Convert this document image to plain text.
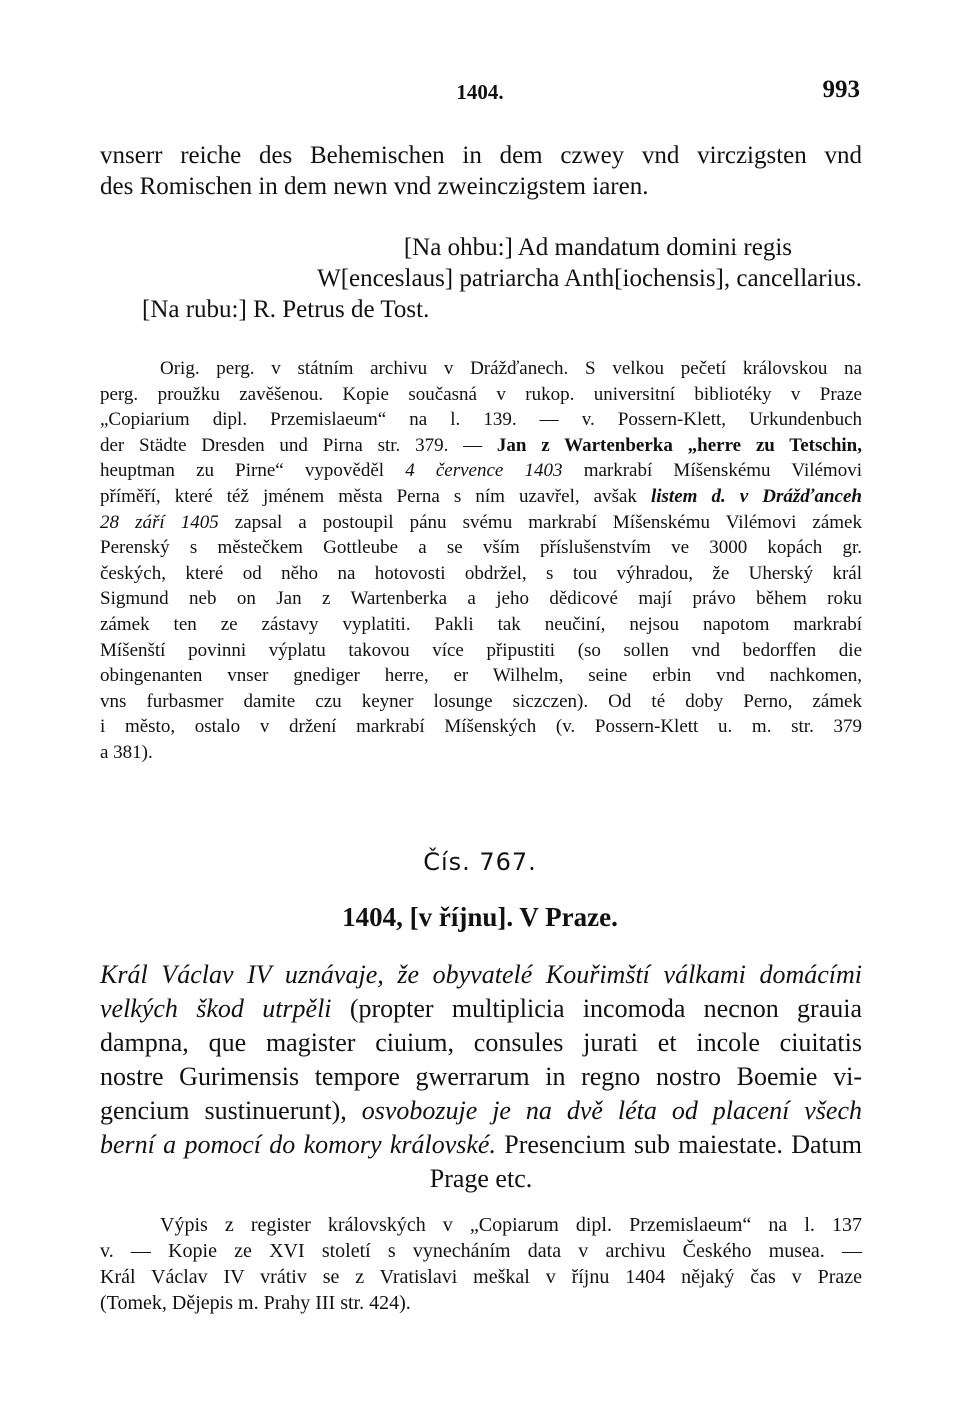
1404.	993
vnserr reiche des Behemischen in dem czwey vnd virczigsten vnd
des Romischen in dem newn vnd zweinczigstem iaren.
[Na ohbu:] Ad mandatum domini regis
W[enceslaus] patriarcha Anth[iochensis], cancellarius.
[Na rubu:] R. Petrus de Tost.
Orig. perg. v státním archivu v Drážďanech. S velkou pečetí královskou na
perg. proužku zavěšenou. Kopie současná v rukop. universitní bibliotéky v Praze
„Copiarium dipl. Przemislaeum“ na l. 139. — v. Possern-Klett, Urkundenbuch
der Städte Dresden und Pirna str. 379. — Jan z Wartenberka „herre zu Tetschin,
heuptman zu Pirne“ vypověděl 4 července 1403 markrabí Míšenskému Vilémovi
příměří, které též jménem města Perna s ním uzavřel, avšak listem d. v Drážďanceh
28 září 1405 zapsal a postoupil pánu svému markrabí Míšenskému Vilémovi zámek
Perenský s městečkem Gottleube a se vším příslušenstvím ve 3000 kopách gr.
českých, které od něho na hotovosti obdržel, s tou výhradou, že Uherský král
Sigmund neb on Jan z Wartenberka a jeho dědicové mají právo během roku
zámek ten ze zástavy vyplatiti. Pakli tak neučiní, nejsou napotom markrabí
Míšenští povinni výplatu takovou více připustiti (so sollen vnd bedorffen die
obingenanten vnser gnediger herre, er Wilhelm, seine erbin vnd nachkomen,
vns furbasmer damite czu keyner losunge siczczen). Od té doby Perno, zámek
i město, ostalo v držení markrabí Míšenských (v. Possern-Klett u. m. str. 379
a 381).
Čís. 767.
1404, [v říjnu]. V Praze.
Král Václav IV uznávaje, že obyvatelé Kouřimští válkami domácími
velkých škod utrpěli (propter multiplicia incomoda necnon grauia
dampna, que magister ciuium, consules jurati et incole ciuitatis
nostre Gurimensis tempore gwerrarum in regno nostro Boemie vi-
gencium sustinuerunt), osvobozuje je na dvě léta od placení všech
berní a pomocí do komory královské. Presencium sub maiestate. Datum
Prage etc.
Výpis z register královských v „Copiarum dipl. Przemislaeum“ na l. 137
v. — Kopie ze XVI století s vynecháním data v archivu Českého musea. —
Král Václav IV vrátiv se z Vratislavi meškal v říjnu 1404 nějaký čas v Praze
(Tomek, Dějepis m. Prahy III str. 424).
